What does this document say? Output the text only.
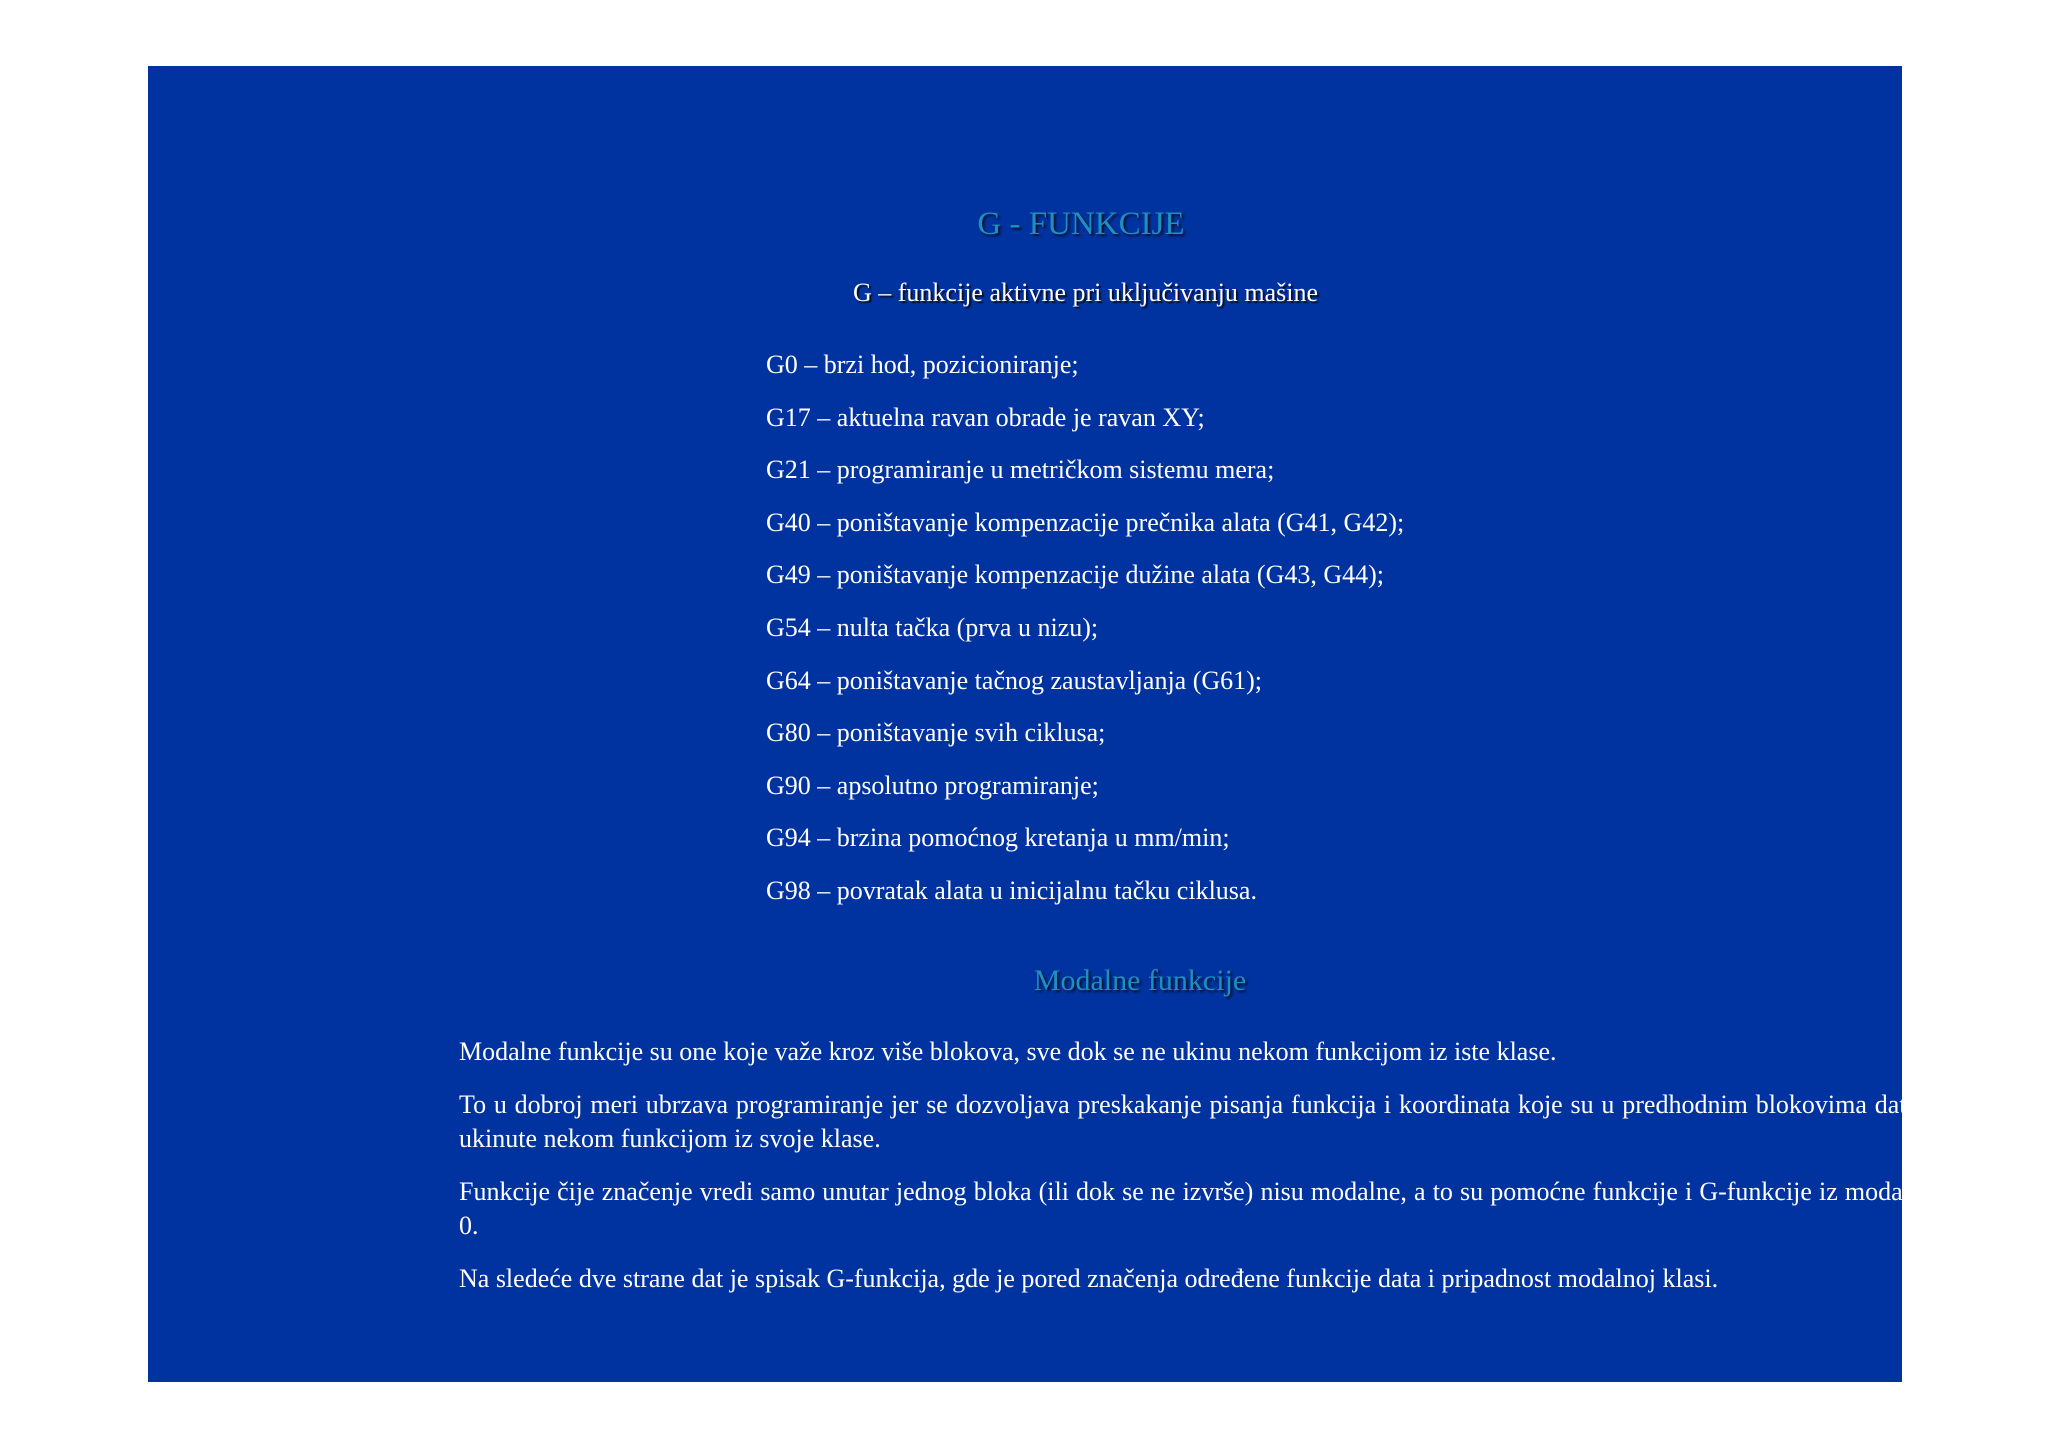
G - FUNKCIJE

G – funkcije aktivne pri uključivanju mašine

G0 – brzi hod, pozicioniranje;
G17 – aktuelna ravan obrade je ravan XY;
G21 – programiranje u metričkom sistemu mera;
G40 – poništavanje kompenzacije prečnika alata (G41, G42);
G49 – poništavanje kompenzacije dužine alata (G43, G44);
G54 – nulta tačka (prva u nizu);
G64 – poništavanje tačnog zaustavljanja (G61);
G80 – poništavanje svih ciklusa;
G90 – apsolutno programiranje;
G94 – brzina pomoćnog kretanja u mm/min;
G98 – povratak alata u inicijalnu tačku ciklusa.
Modalne funkcije

Modalne funkcije su one koje važe kroz više blokova, sve dok se ne ukinu nekom funkcijom iz iste klase.

To u dobroj meri ubrzava programiranje jer se dozvoljava preskakanje pisanja funkcija i koordinata koje su u predhodnim blokovima date, a nisu ukinute nekom funkcijom iz svoje klase.

Funkcije čije značenje vredi samo unutar jednog bloka (ili dok se ne izvrše) nisu modalne, a to su pomoćne funkcije i G-funkcije iz modalne klase 0.

Na sledeće dve strane dat je spisak G-funkcija, gde je pored značenja određene funkcije data i pripadnost modalnoj klasi.
